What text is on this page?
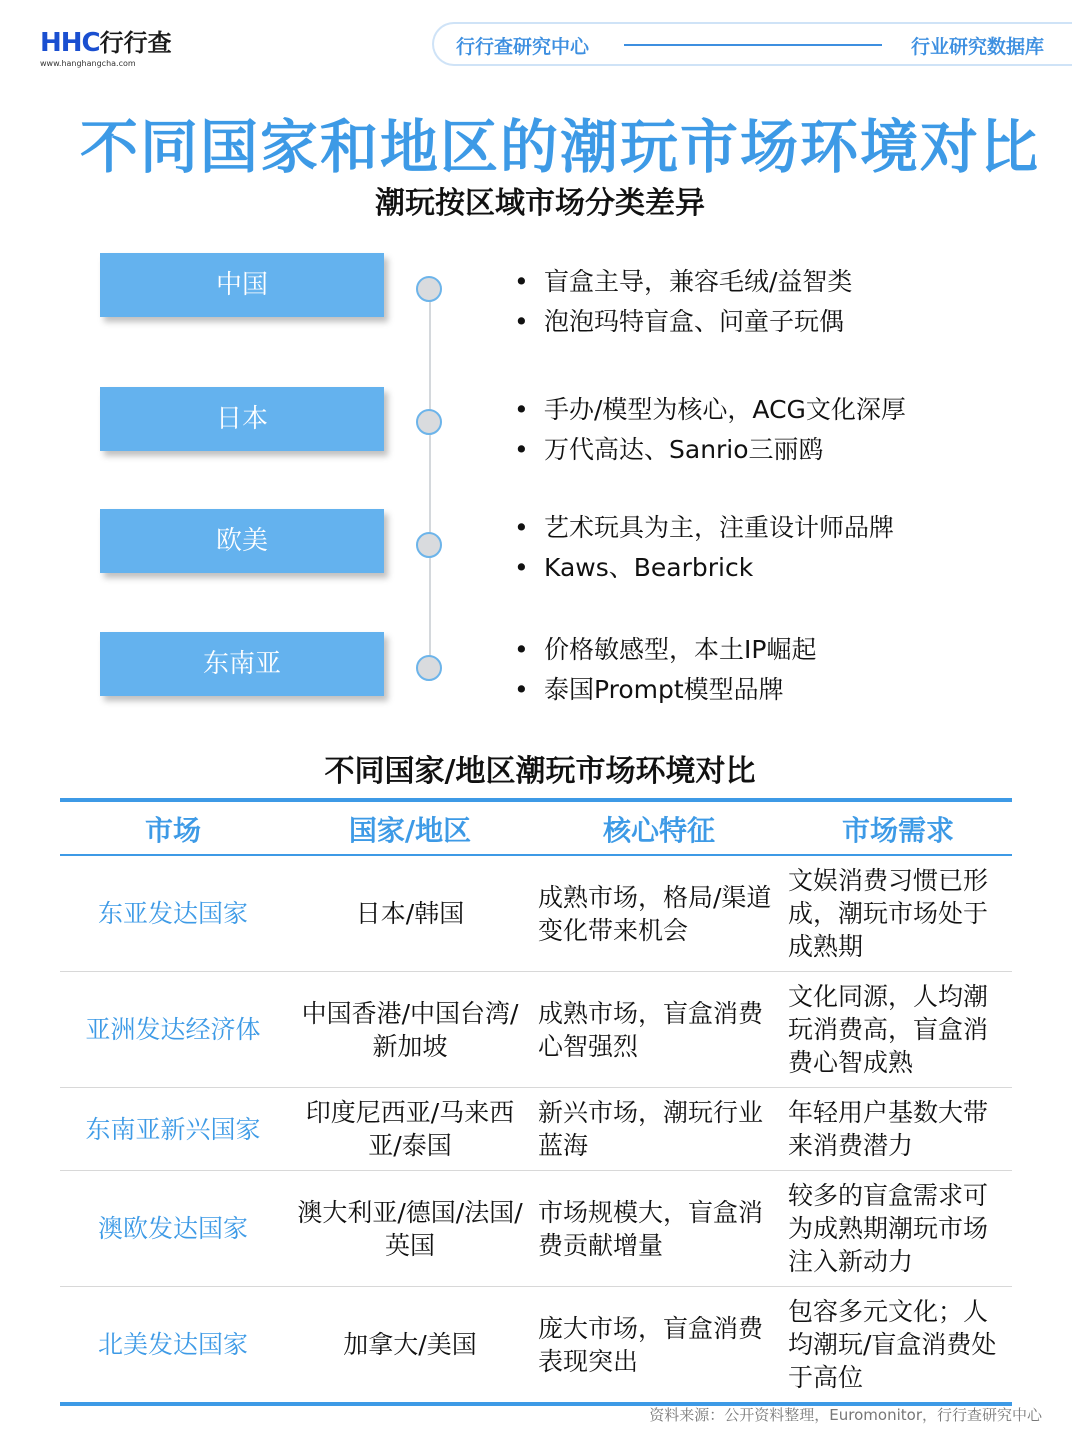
HHC行行查
www.hanghangcha.com
行行查研究中心	行业研究数据库
不同国家和地区的潮玩市场环境对比
潮玩按区域市场分类差异
中国	• 盲盒主导，兼容毛绒/益智类
• 泡泡玛特盲盒、问童子玩偶
日本	• 手办/模型为核心，ACG文化深厚
• 万代高达、Sanrio三丽鸥
欧美	• 艺术玩具为主，注重设计师品牌
• Kaws、Bearbrick
东南亚	• 价格敏感型，本土IP崛起
• 泰国Prompt模型品牌
不同国家/地区潮玩市场环境对比
市场	国家/地区	核心特征	市场需求
东亚发达国家	日本/韩国	成熟市场，格局/渠道变化带来机会	文娱消费习惯已形成，潮玩市场处于成熟期
亚洲发达经济体	中国香港/中国台湾/新加坡	成熟市场，盲盒消费心智强烈	文化同源，人均潮玩消费高，盲盒消费心智成熟
东南亚新兴国家	印度尼西亚/马来西亚/泰国	新兴市场，潮玩行业蓝海	年轻用户基数大带来消费潜力
澳欧发达国家	澳大利亚/德国/法国/英国	市场规模大，盲盒消费贡献增量	较多的盲盒需求可为成熟期潮玩市场注入新动力
北美发达国家	加拿大/美国	庞大市场，盲盒消费表现突出	包容多元文化；人均潮玩/盲盒消费处于高位
资料来源：公开资料整理，Euromonitor，行行查研究中心
